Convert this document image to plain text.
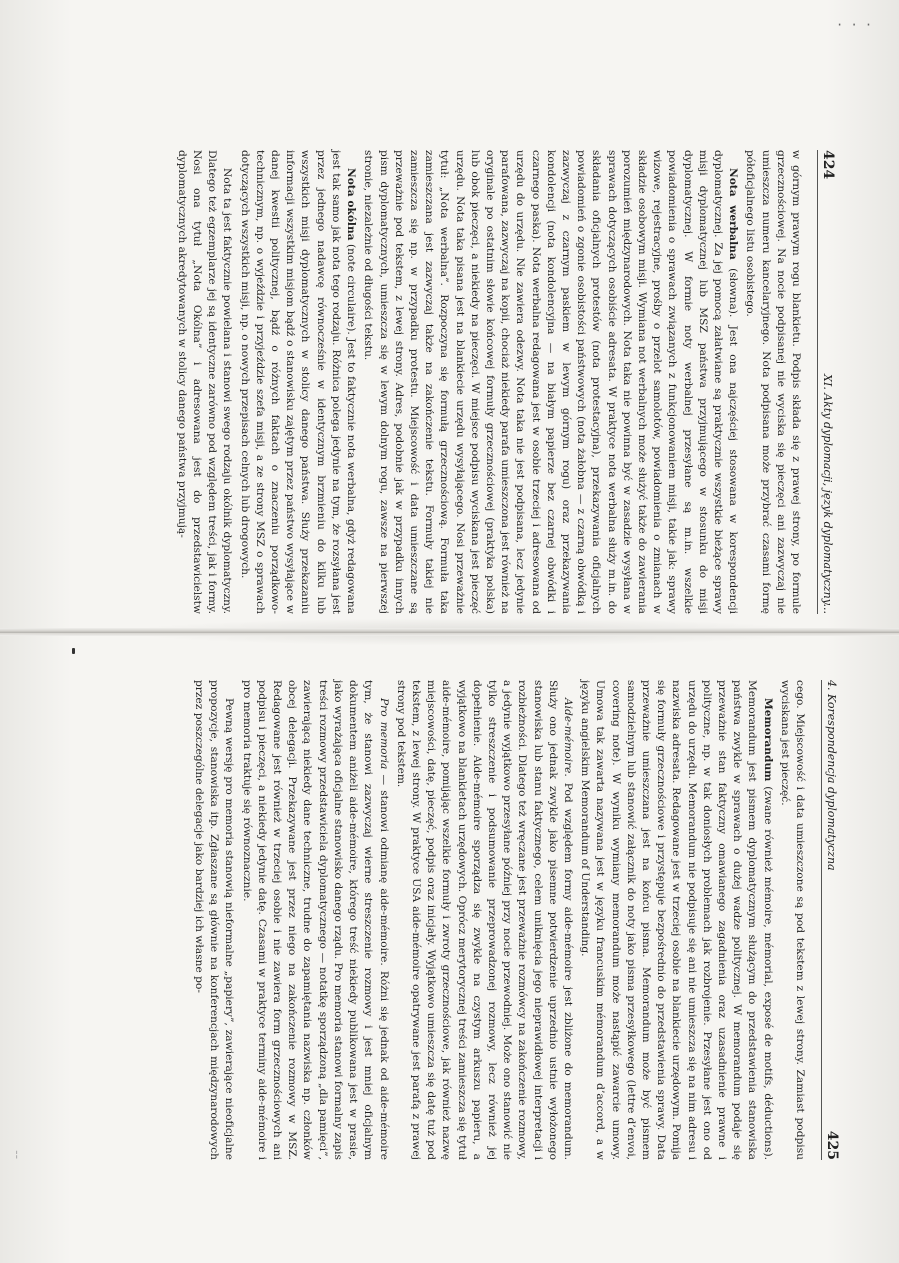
· · ·
¦
424
XI. Akty dyplomacji, język dyplomatyczny...

w górnym prawym rogu blankietu. Podpis składa się z prawej strony, po formule grzecznościowej. Na nocie podpisanej nie wyciska się pieczęci ani zazwyczaj nie umieszcza numeru kancelaryjnego. Nota podpisana może przybrać czasami formę półoficjalnego listu osobistego.

Nota werbalna (słowna). Jest ona najczęściej stosowana w korespondencji dyplomatycznej. Za jej pomocą załatwiane są praktycznie wszystkie bieżące sprawy misji dyplomatycznej lub MSZ państwa przyjmującego w stosunku do misji dyplomatycznej. W formie noty werbalnej przesyłane są m.in. wszelkie powiadomienia o sprawach związanych z funkcjonowaniem misji, takie jak: sprawy wizowe, rejestracyjne, prośby o przelot samolotów, powiadomienia o zmianach w składzie osobowym misji. Wymiana not werbalnych może służyć także do zawierania porozumień międzynarodowych. Nota taka nie powinna być w zasadzie wysyłana w sprawach dotyczących osobiście adresata. W praktyce nota werbalna służy m.in. do składania oficjalnych protestów (nota protestacyjna), przekazywania oficjalnych powiadomień o zgonie osobistości państwowych (nota żałobna — z czarną obwódką i zazwyczaj z czarnym paskiem w lewym górnym rogu) oraz przekazywania kondolencji (nota kondolencyjna — na białym papierze bez czarnej obwódki i czarnego paska). Nota werbalna redagowana jest w osobie trzeciej i adresowana od urzędu do urzędu. Nie zawiera odezwy. Nota taka nie jest podpisana, lecz jedynie parafowana, zazwyczaj na kopii, chociaż niekiedy parafa umieszczona jest również na oryginale po ostatnim słowie końcowej formuły grzecznościowej (praktyka polska) lub obok pieczęci, a niekiedy na pieczęci. W miejsce podpisu wyciskana jest pieczęć urzędu. Nota taka pisana jest na blankiecie urzędu wysyłającego. Nosi przeważnie tytuł: „Nota werbalna”. Rozpoczyna się formułą grzecznościową. Formuła taka zamieszczana jest zazwyczaj także na zakończenie tekstu. Formuły takiej nie zamieszcza się np. w przypadku protestu. Miejscowość i data umieszczane są przeważnie pod tekstem, z lewej strony. Adres, podobnie jak w przypadku innych pism dyplomatycznych, umieszcza się w lewym dolnym rogu, zawsze na pierwszej stronie, niezależnie od długości tekstu.

Nota okólna (note circulaire). Jest to faktycznie nota werbalna, gdyż redagowana jest tak samo jak nota tego rodzaju. Różnica polega jedynie na tym, że rozsyłana jest przez jednego nadawcę równocześnie w identycznym brzmieniu do kilku lub wszystkich misji dyplomatycznych w stolicy danego państwa. Służy przekazaniu informacji wszystkim misjom bądź o stanowisku zajętym przez państwo wysyłające w danej kwestii politycznej, bądź o różnych faktach o znaczeniu porządkowo-technicznym, np. o wyjeździe i przyjeździe szefa misji, a ze strony MSZ o sprawach dotyczących wszystkich misji, np. o nowych przepisach celnych lub drogowych.

Nota ta jest faktycznie powielana i stanowi swego rodzaju okólnik dyplomatyczny. Dlatego też egzemplarze jej są identyczne zarówno pod względem treści, jak i formy. Nosi ona tytuł „Nota Okólna” i adresowana jest do przedstawicielstw dyplomatycznych akredytowanych w stolicy danego państwa przyjmują-

4. Korespondencja dyplomatyczna
425

cego. Miejscowość i data umieszczone są pod tekstem z lewej strony. Zamiast podpisu wyciskana jest pieczęć.

Memorandum (zwane również mémoire, mémorial, exposé de motifs, déductions). Memorandum jest pismem dyplomatycznym służącym do przedstawienia stanowiska państwa zwykle w sprawach o dużej wadze politycznej. W memorandum podaje się przeważnie stan faktyczny omawianego zagadnienia oraz uzasadnienie prawne i polityczne, np. w tak doniosłych problemach jak rozbrojenie. Przesyłane jest ono od urzędu do urzędu. Memorandum nie podpisuje się ani nie umieszcza się na nim adresu i nazwiska adresata. Redagowane jest w trzeciej osobie na blankiecie urzędowym. Pomija się formuły grzecznościowe i przystępuje bezpośrednio do przedstawienia sprawy. Data przeważnie umieszczana jest na końcu pisma. Memorandum może być pismem samodzielnym lub stanowić załącznik do noty jako pisma przesyłkowego (lettre d’envoi, covering note). W wyniku wymiany memorandum może nastąpić zawarcie umowy. Umowa tak zawarta nazywana jest w języku francuskim mémorandum d’accord, a w języku angielskim Memorandum of Understanding.

Aide-mémoire. Pod względem formy aide-mémoire jest zbliżone do memorandum. Służy ono jednak zwykle jako pisemne potwierdzenie uprzednio ustnie wyłożonego stanowiska lub stanu faktycznego, celem uniknięcia jego nieprawidłowej interpretacji i rozbieżności. Dlatego też wręczane jest przeważnie rozmówcy na zakończenie rozmowy, a jedynie wyjątkowo przesyłane później przy nocie przewodniej. Może ono stanowić nie tylko streszczenie i podsumowanie przeprowadzonej rozmowy, lecz również jej dopełnienie. Aide-mémoire sporządza się zwykle na czystym arkuszu papieru, a wyjątkowo na blankietach urzędowych. Oprócz merytorycznej treści zamieszcza się tytuł aide-mémoire, pomijając wszelkie formuły i zwroty grzecznościowe, jak również nazwę miejscowości, datę, pieczęć, podpis oraz inicjały. Wyjątkowo umieszcza się datę tuż pod tekstem, z lewej strony. W praktyce USA aide-mémoire opatrywane jest parafą z prawej strony pod tekstem.

Pro memoria — stanowi odmianę aide-mémoire. Różni się jednak od aide-mémoire tym, że stanowi zazwyczaj wierne streszczenie rozmowy i jest mniej oficjalnym dokumentem aniżeli aide-mémoire, którego treść niekiedy publikowana jest w prasie, jako wyrażająca oficjalne stanowisko danego rządu. Pro memoria stanowi formalny zapis treści rozmowy przedstawiciela dyplomatycznego — notatkę sporządzoną „dla pamięci”, zawierającą niekiedy dane techniczne, trudne do zapamiętania nazwiska np. członków obcej delegacji. Przekazywane jest przez niego na zakończenie rozmowy w MSZ. Redagowane jest również w trzeciej osobie i nie zawiera form grzecznościowych ani podpisu i pieczęci, a niekiedy jedynie datę. Czasami w praktyce terminy aide-mémoire i pro memoria traktuje się równoznacznie.

Pewną wersję pro memoria stanowią nieformalne „papiery”, zawierające nieoficjalne propozycje, stanowiska itp. Zgłaszane są głównie na konferencjach międzynarodowych przez poszczególne delegacje jako bardziej ich własne po-
